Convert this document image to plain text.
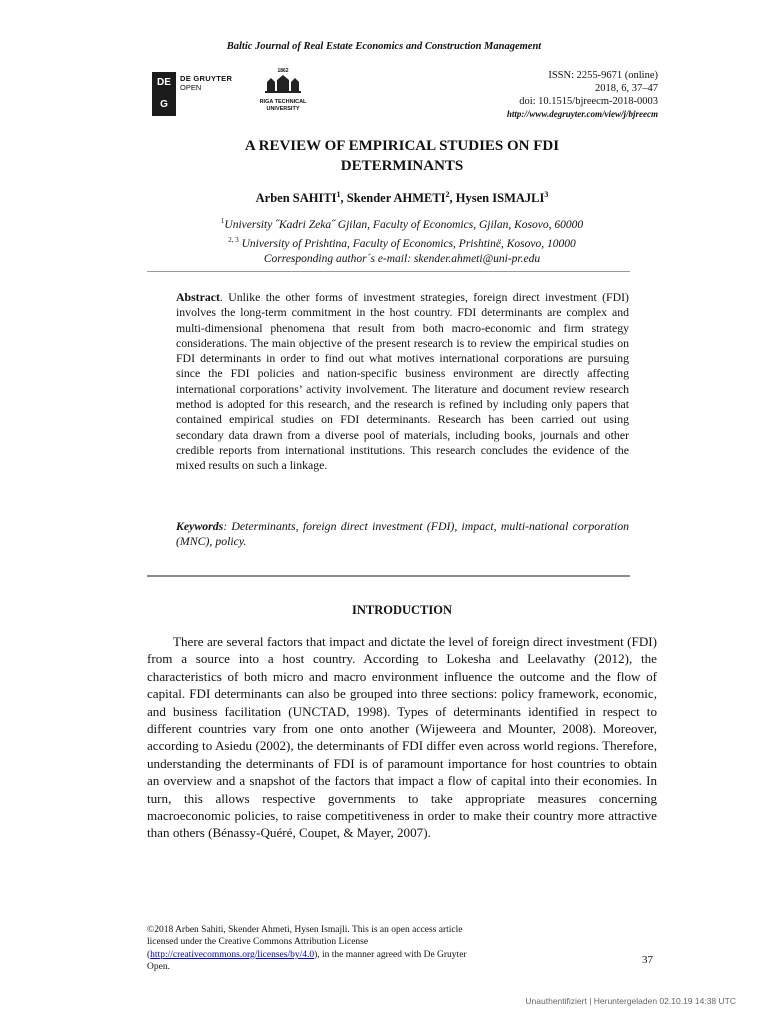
Baltic Journal of Real Estate Economics and Construction Management
DE
G
DE GRUYTER
OPEN
1862
RIGA TECHNICAL
UNIVERSITY
ISSN: 2255-9671 (online)
2018, 6, 37–47
doi: 10.1515/bjreecm-2018-0003
http://www.degruyter.com/view/j/bjreecm
A REVIEW OF EMPIRICAL STUDIES ON FDI
DETERMINANTS
Arben SAHITI$^1$, Skender AHMETI$^2$, Hysen ISMAJLI$^3$
$^1$University ˝Kadri Zeka˝ Gjilan, Faculty of Economics, Gjilan, Kosovo, 60000
$^{2, 3}$ University of Prishtina, Faculty of Economics, Prishtinë, Kosovo, 10000
Corresponding author´s e-mail: skender.ahmeti@uni-pr.edu
Abstract. Unlike the other forms of investment strategies, foreign direct investment (FDI) involves the long-term commitment in the host country. FDI determinants are complex and multi-dimensional phenomena that result from both macro-economic and firm strategy considerations. The main objective of the present research is to review the empirical studies on FDI determinants in order to find out what motives international corporations are pursuing since the FDI policies and nation-specific business environment are directly affecting international corporations’ activity involvement. The literature and document review research method is adopted for this research, and the research is refined by including only papers that contained empirical studies on FDI determinants. Research has been carried out using secondary data drawn from a diverse pool of materials, including books, journals and other credible reports from international institutions. This research concludes the evidence of the mixed results on such a linkage.
Keywords: Determinants, foreign direct investment (FDI), impact, multi-national corporation (MNC), policy.
INTRODUCTION
There are several factors that impact and dictate the level of foreign direct investment (FDI) from a source into a host country. According to Lokesha and Leelavathy (2012), the characteristics of both micro and macro environment influence the outcome and the flow of capital. FDI determinants can also be grouped into three sections: policy framework, economic, and business facilitation (UNCTAD, 1998). Types of determinants identified in respect to different countries vary from one onto another (Wijeweera and Mounter, 2008). Moreover, according to Asiedu (2002), the determinants of FDI differ even across world regions. Therefore, understanding the determinants of FDI is of paramount importance for host countries to obtain an overview and a snapshot of the factors that impact a flow of capital into their economies. In turn, this allows respective governments to take appropriate measures concerning macroeconomic policies, to raise competitiveness in order to make their country more attractive than others (Bénassy-Quéré, Coupet, & Mayer, 2007).
©2018 Arben Sahiti, Skender Ahmeti, Hysen Ismajli. This is an open access article licensed under the Creative Commons Attribution License (http://creativecommons.org/licenses/by/4.0), in the manner agreed with De Gruyter Open.
37
Unauthentifiziert | Heruntergeladen 02.10.19 14:38 UTC
